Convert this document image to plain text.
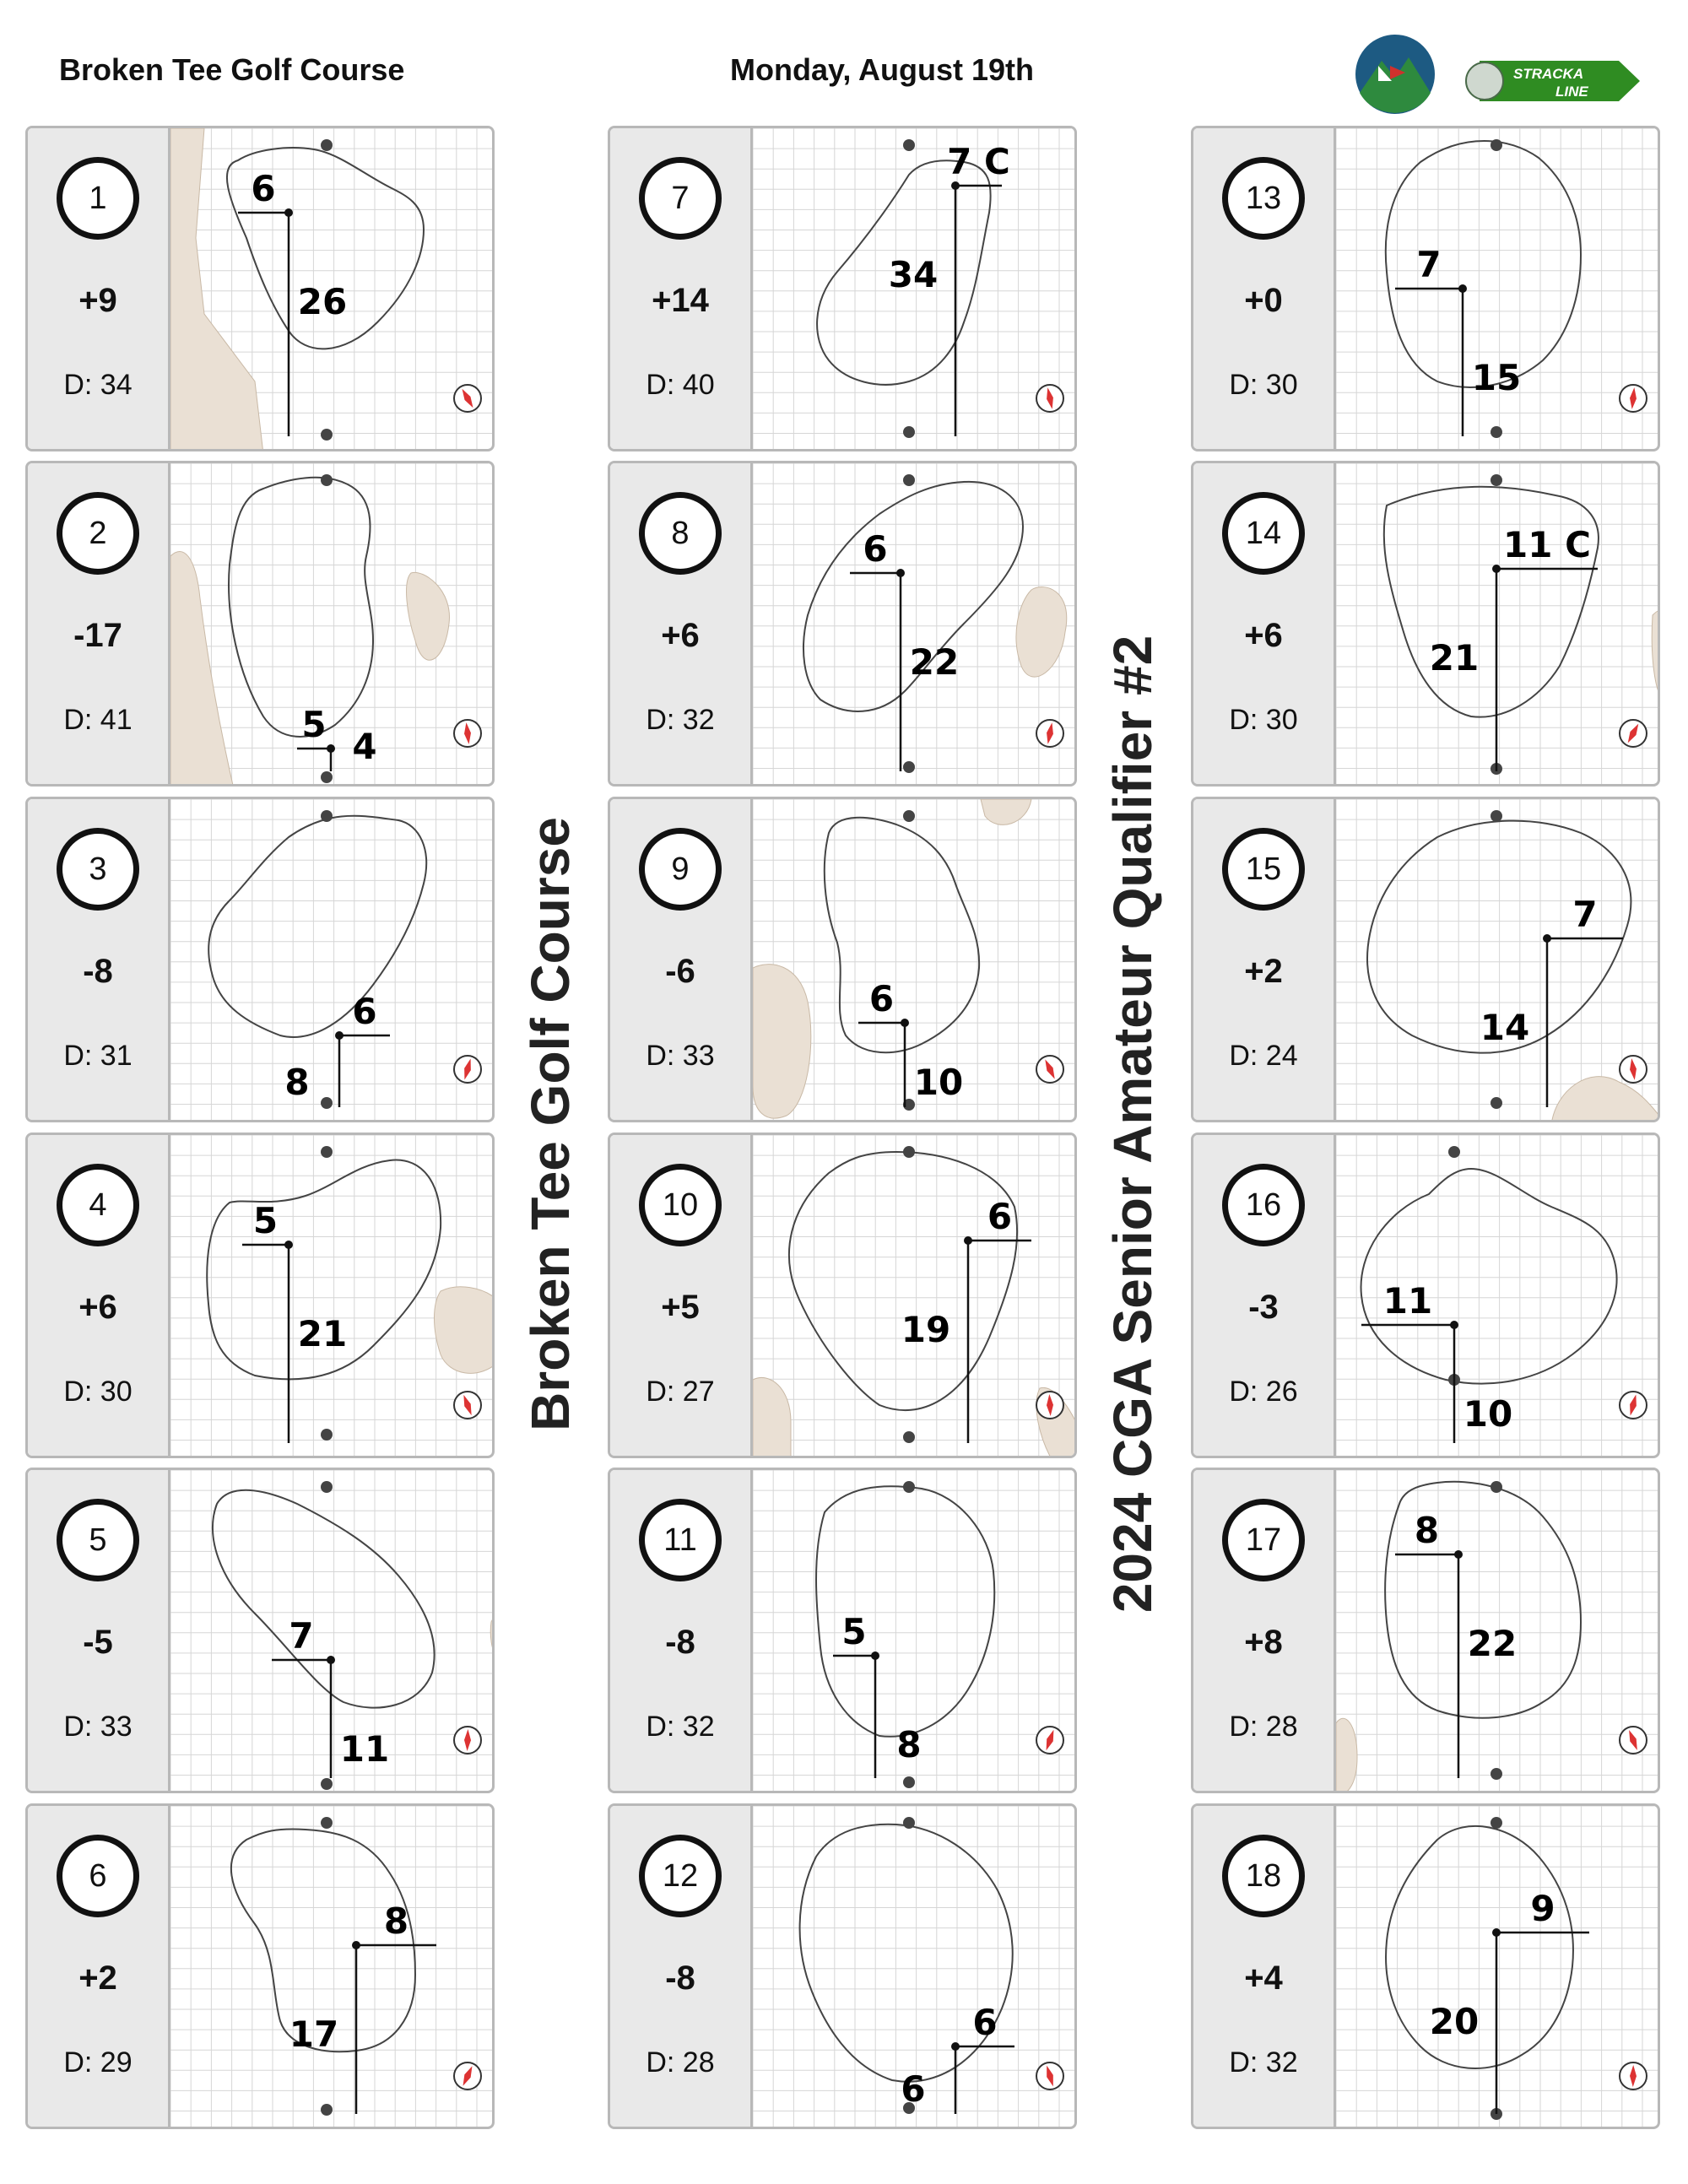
Broken Tee Golf Course	Monday, August 19th	STRACKA
LINE
Broken Tee Golf Course	2024 CGA Senior Amateur Qualifier #2
1
+9
D: 34
6
26
2
-17
D: 41	5
4
3
-8
D: 31
6
8
4
+6
D: 30
5
21
5
-5
D: 33
7
11
6
+2
D: 29
8
17
7
+14
D: 40
7 C
34
8
+6
D: 32
6
22
9
-6
D: 33
6
10
10
+5
D: 27
6
19
11
-8
D: 32
5
8
12
-8
D: 28
6
6
13
+0
D: 30
7
15
14
+6
D: 30
11 C
21
15
+2
D: 24
7
14
16
-3
D: 26
11
10
17
+8
D: 28
8
22
18
+4
D: 32
9
20
